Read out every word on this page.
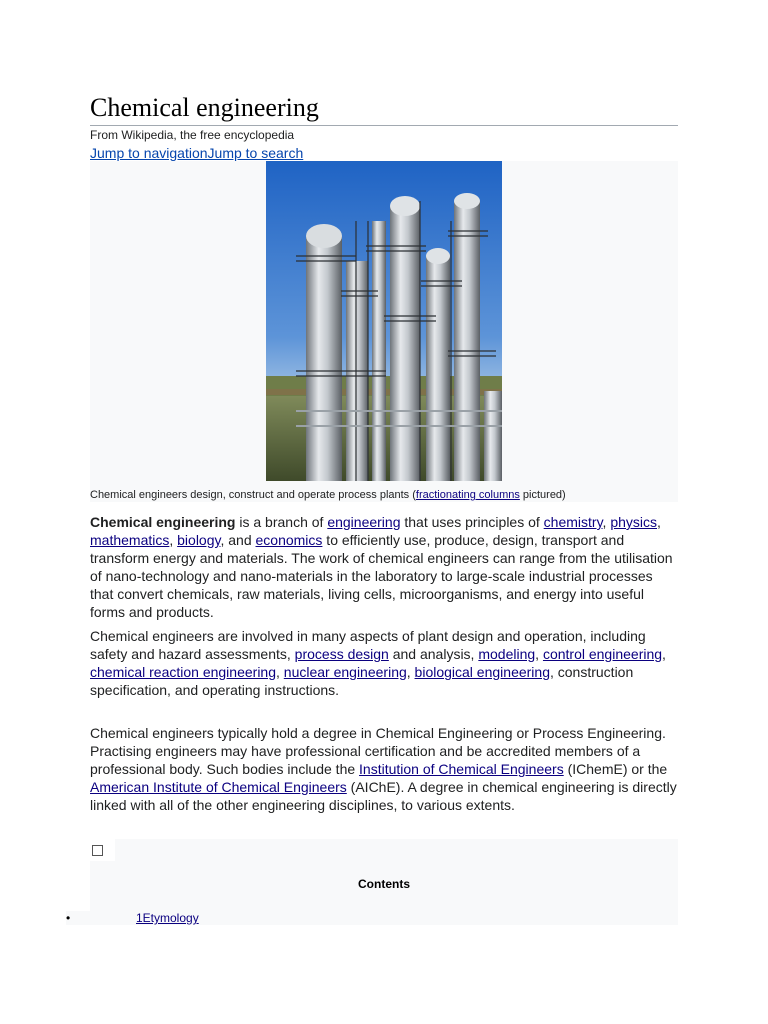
Chemical engineering
From Wikipedia, the free encyclopedia
Jump to navigationJump to search
Chemical engineers design, construct and operate process plants (fractionating columns pictured)

Chemical engineering is a branch of engineering that uses principles of chemistry, physics, mathematics, biology, and economics to efficiently use, produce, design, transport and transform energy and materials. The work of chemical engineers can range from the utilisation of nano-technology and nano-materials in the laboratory to large-scale industrial processes that convert chemicals, raw materials, living cells, microorganisms, and energy into useful forms and products.

Chemical engineers are involved in many aspects of plant design and operation, including safety and hazard assessments, process design and analysis, modeling, control engineering, chemical reaction engineering, nuclear engineering, biological engineering, construction specification, and operating instructions.

Chemical engineers typically hold a degree in Chemical Engineering or Process Engineering. Practising engineers may have professional certification and be accredited members of a professional body. Such bodies include the Institution of Chemical Engineers (IChemE) or the American Institute of Chemical Engineers (AIChE). A degree in chemical engineering is directly linked with all of the other engineering disciplines, to various extents.

Contents
•	1Etymology
